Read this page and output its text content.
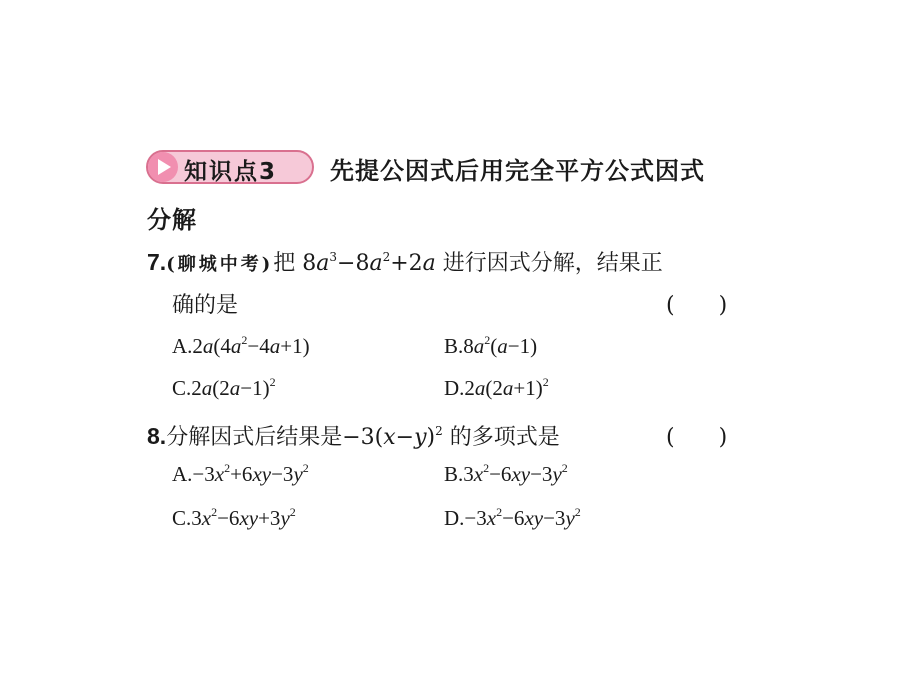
知识点3 先提公因式后用完全平方公式因式
分解
7.(聊城中考)把 $8a^3-8a^2+2a$ 进行因式分解，结果正
确的是	(　　)
$A.2a(4a^2-4a+1)$	$B.8a^2(a-1)$
$C.2a(2a-1)^2$	$D.2a(2a+1)^2$
8.分解因式后结果是$-3(x-y)^2$ 的多项式是	(　　)
$A.-3x^2+6xy-3y^2$	$B.3x^2-6xy-3y^2$
$C.3x^2-6xy+3y^2$	$D.-3x^2-6xy-3y^2$
